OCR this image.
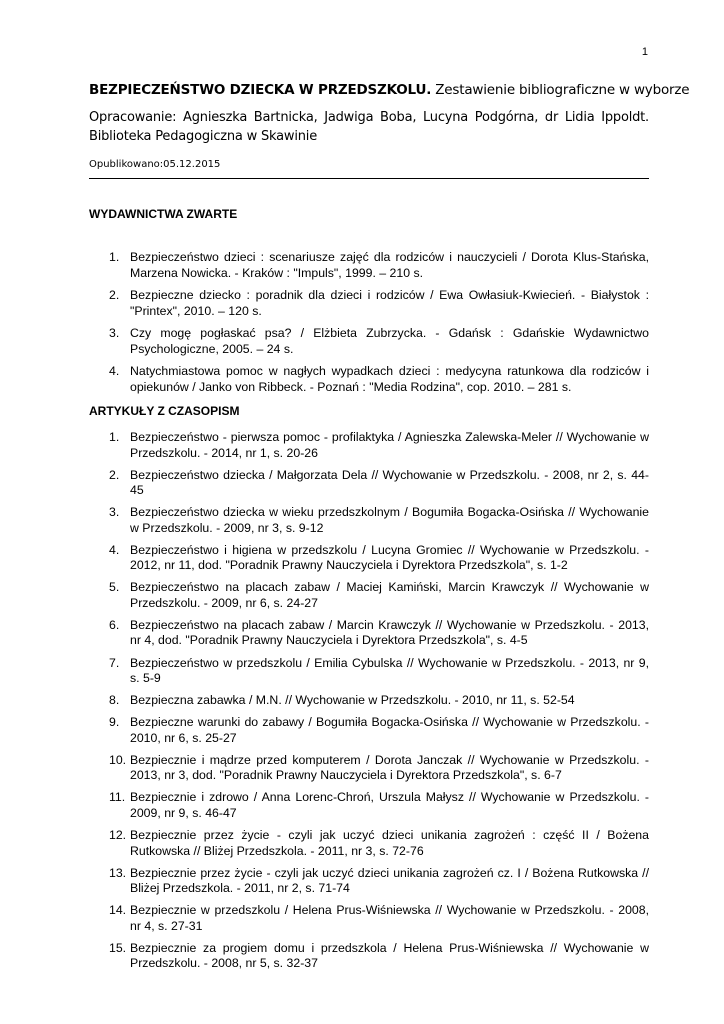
1
BEZPIECZEŃSTWO DZIECKA W PRZEDSZKOLU. Zestawienie bibliograficzne w wyborze
Opracowanie: Agnieszka Bartnicka, Jadwiga Boba, Lucyna Podgórna, dr Lidia Ippoldt. Biblioteka Pedagogiczna w Skawinie
Opublikowano:05.12.2015
WYDAWNICTWA ZWARTE
1. Bezpieczeństwo dzieci : scenariusze zajęć dla rodziców i nauczycieli / Dorota Klus-Stańska, Marzena Nowicka. - Kraków : "Impuls", 1999. – 210 s.
2. Bezpieczne dziecko : poradnik dla dzieci i rodziców / Ewa Owłasiuk-Kwiecień. - Białystok : "Printex", 2010. – 120 s.
3. Czy mogę pogłaskać psa? / Elżbieta Zubrzycka. - Gdańsk : Gdańskie Wydawnictwo Psychologiczne, 2005. – 24 s.
4. Natychmiastowa pomoc w nagłych wypadkach dzieci : medycyna ratunkowa dla rodziców i opiekunów / Janko von Ribbeck. - Poznań : "Media Rodzina", cop. 2010. – 281 s.
ARTYKUŁY Z CZASOPISM
1. Bezpieczeństwo - pierwsza pomoc - profilaktyka / Agnieszka Zalewska-Meler // Wychowanie w Przedszkolu. - 2014, nr 1, s. 20-26
2. Bezpieczeństwo dziecka / Małgorzata Dela // Wychowanie w Przedszkolu. - 2008, nr 2, s. 44-45
3. Bezpieczeństwo dziecka w wieku przedszkolnym / Bogumiła Bogacka-Osińska // Wychowanie w Przedszkolu. - 2009, nr 3, s. 9-12
4. Bezpieczeństwo i higiena w przedszkolu / Lucyna Gromiec // Wychowanie w Przedszkolu. - 2012, nr 11, dod. "Poradnik Prawny Nauczyciela i Dyrektora Przedszkola", s. 1-2
5. Bezpieczeństwo na placach zabaw / Maciej Kamiński, Marcin Krawczyk // Wychowanie w Przedszkolu. - 2009, nr 6, s. 24-27
6. Bezpieczeństwo na placach zabaw / Marcin Krawczyk // Wychowanie w Przedszkolu. - 2013, nr 4, dod. "Poradnik Prawny Nauczyciela i Dyrektora Przedszkola", s. 4-5
7. Bezpieczeństwo w przedszkolu / Emilia Cybulska // Wychowanie w Przedszkolu. - 2013, nr 9, s. 5-9
8. Bezpieczna zabawka / M.N. // Wychowanie w Przedszkolu. - 2010, nr 11, s. 52-54
9. Bezpieczne warunki do zabawy / Bogumiła Bogacka-Osińska // Wychowanie w Przedszkolu. - 2010, nr 6, s. 25-27
10. Bezpiecznie i mądrze przed komputerem / Dorota Janczak // Wychowanie w Przedszkolu. - 2013, nr 3, dod. "Poradnik Prawny Nauczyciela i Dyrektora Przedszkola", s. 6-7
11. Bezpiecznie i zdrowo / Anna Lorenc-Chroń, Urszula Małysz // Wychowanie w Przedszkolu. - 2009, nr 9, s. 46-47
12. Bezpiecznie przez życie - czyli jak uczyć dzieci unikania zagrożeń : część II / Bożena Rutkowska // Bliżej Przedszkola. - 2011, nr 3, s. 72-76
13. Bezpiecznie przez życie - czyli jak uczyć dzieci unikania zagrożeń cz. I / Bożena Rutkowska // Bliżej Przedszkola. - 2011, nr 2, s. 71-74
14. Bezpiecznie w przedszkolu / Helena Prus-Wiśniewska // Wychowanie w Przedszkolu. - 2008, nr 4, s. 27-31
15. Bezpiecznie za progiem domu i przedszkola / Helena Prus-Wiśniewska // Wychowanie w Przedszkolu. - 2008, nr 5, s. 32-37
